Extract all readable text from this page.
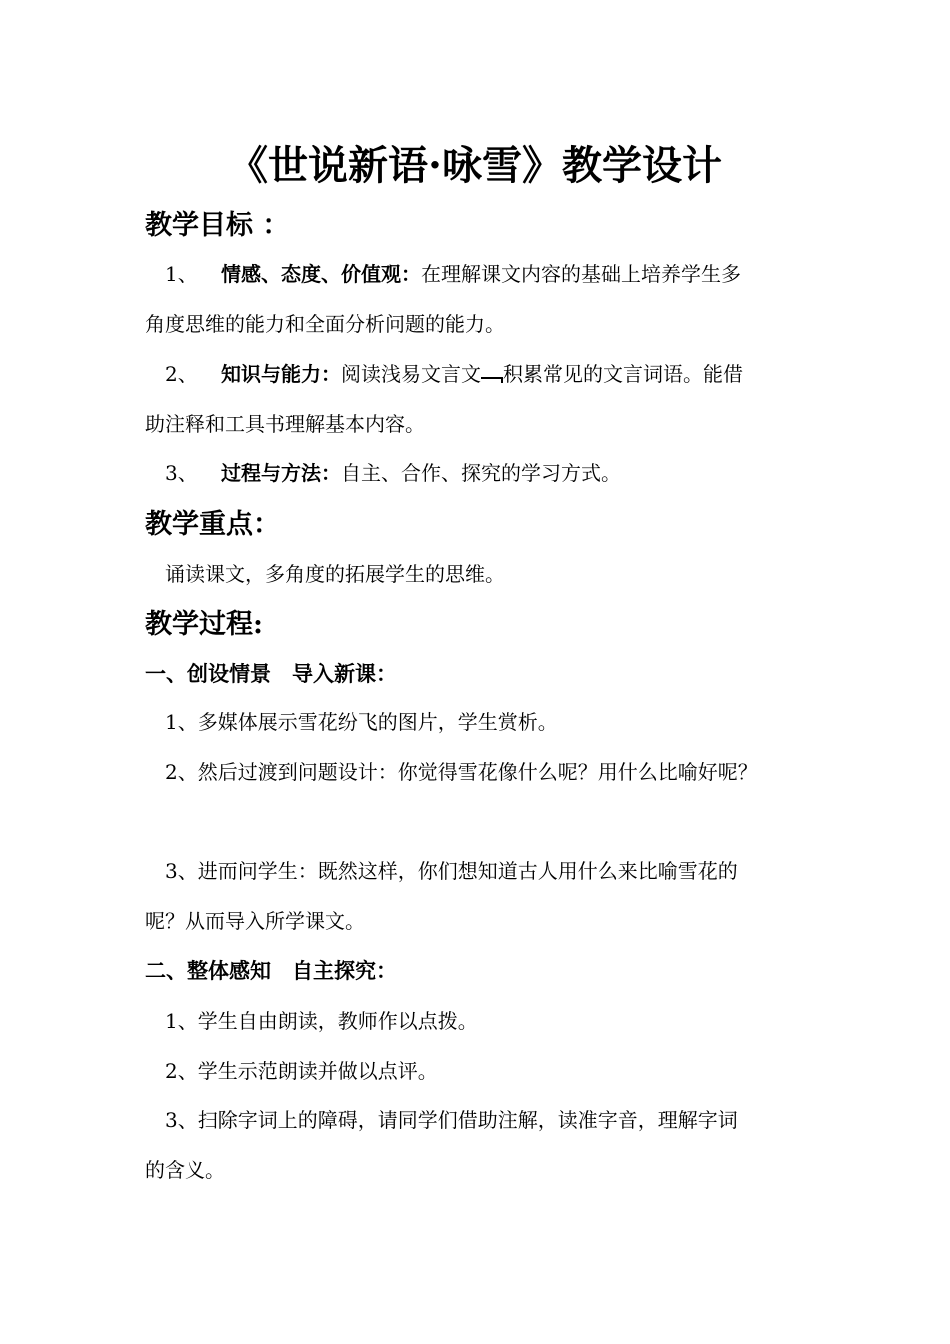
《世说新语·咏雪》教学设计
教学目标 ：
1、 情感、态度、价值观：在理解课文内容的基础上培养学生多
角度思维的能力和全面分析问题的能力。
2、 知识与能力：阅读浅易文言文 积累常见的文言词语。能借
助注释和工具书理解基本内容。
3、 过程与方法：自主、合作、探究的学习方式。
教学重点：
诵读课文，多角度的拓展学生的思维。
教学过程:
一、创设情景　导入新课：
1、多媒体展示雪花纷飞的图片，学生赏析。
2、然后过渡到问题设计：你觉得雪花像什么呢？用什么比喻好呢？
3、进而问学生：既然这样，你们想知道古人用什么来比喻雪花的
呢？从而导入所学课文。
二、整体感知　自主探究：
1、学生自由朗读，教师作以点拨。
2、学生示范朗读并做以点评。
3、扫除字词上的障碍，请同学们借助注解，读准字音，理解字词
的含义。
